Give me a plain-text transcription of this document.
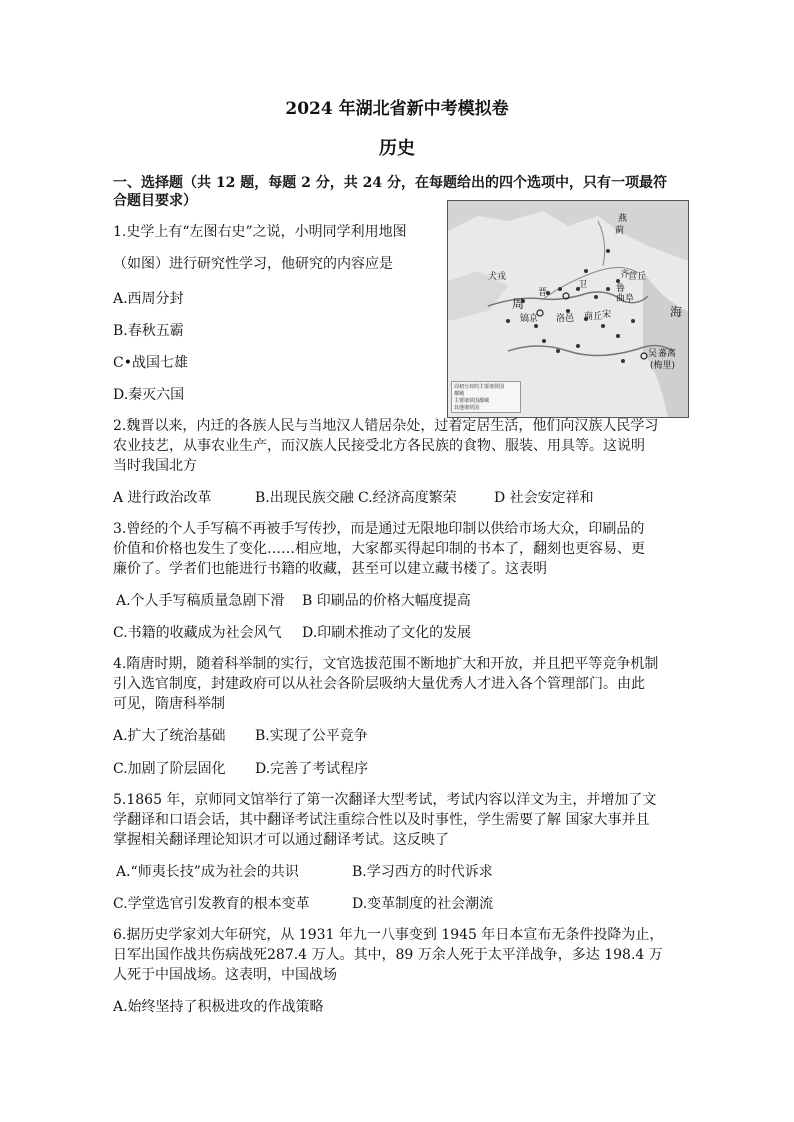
2024 年湖北省新中考模拟卷
历史
一、选择题（共 12 题，每题 2 分，共 24 分，在每题给出的四个选项中，只有一项最符
合题目要求）
燕
蓟
犬戎
周
镐京 洛邑
晋
卫
齐
营丘
鲁
曲阜
商丘 宋	海
吴 蕃离
(梅里)
周初分封的主要诸侯国
都城
主要诸侯国都城
其他诸侯国
1.史学上有“左图右史”之说，小明同学利用地图
（如图）进行研究性学习，他研究的内容应是
A.西周分封
B.春秋五霸
C•战国七雄
D.秦灭六国
2.魏晋以来，内迁的各族人民与当地汉人错居杂处，过着定居生活，他们向汉族人民学习
农业技艺，从事农业生产，而汉族人民接受北方各民族的食物、服装、用具等。这说明
当时我国北方
A 进行政治改革	B.出现民族交融 C.经济高度繁荣	D 社会安定祥和
3.曾经的个人手写稿不再被手写传抄，而是通过无限地印制以供给市场大众，印刷品的
价值和价格也发生了变化……相应地，大家都买得起印制的书本了，翻刻也更容易、更
廉价了。学者们也能进行书籍的收藏，甚至可以建立藏书楼了。这表明
A.个人手写稿质量急剧下滑 B 印刷品的价格大幅度提高
C.书籍的收藏成为社会风气 D.印刷术推动了文化的发展
4.隋唐时期，随着科举制的实行，文官选拔范围不断地扩大和开放，并且把平等竞争机制
引入选官制度，封建政府可以从社会各阶层吸纳大量优秀人才进入各个管理部门。由此
可见，隋唐科举制
A.扩大了统治基础 B.实现了公平竞争
C.加剧了阶层固化 D.完善了考试程序
5.1865 年，京师同文馆举行了第一次翻译大型考试，考试内容以洋文为主，并增加了文
学翻译和口语会话，其中翻译考试注重综合性以及时事性，学生需要了解 国家大事并且
掌握相关翻译理论知识才可以通过翻译考试。这反映了
A.“师夷长技”成为社会的共识	B.学习西方的时代诉求
C.学堂选官引发教育的根本变革	D.变革制度的社会潮流
6.据历史学家刘大年研究，从 1931 年九一八事变到 1945 年日本宣布无条件投降为止，
日军出国作战共伤病战死287.4 万人。其中，89 万余人死于太平洋战争，多达 198.4 万
人死于中国战场。这表明，中国战场
A.始终坚持了积极进攻的作战策略
